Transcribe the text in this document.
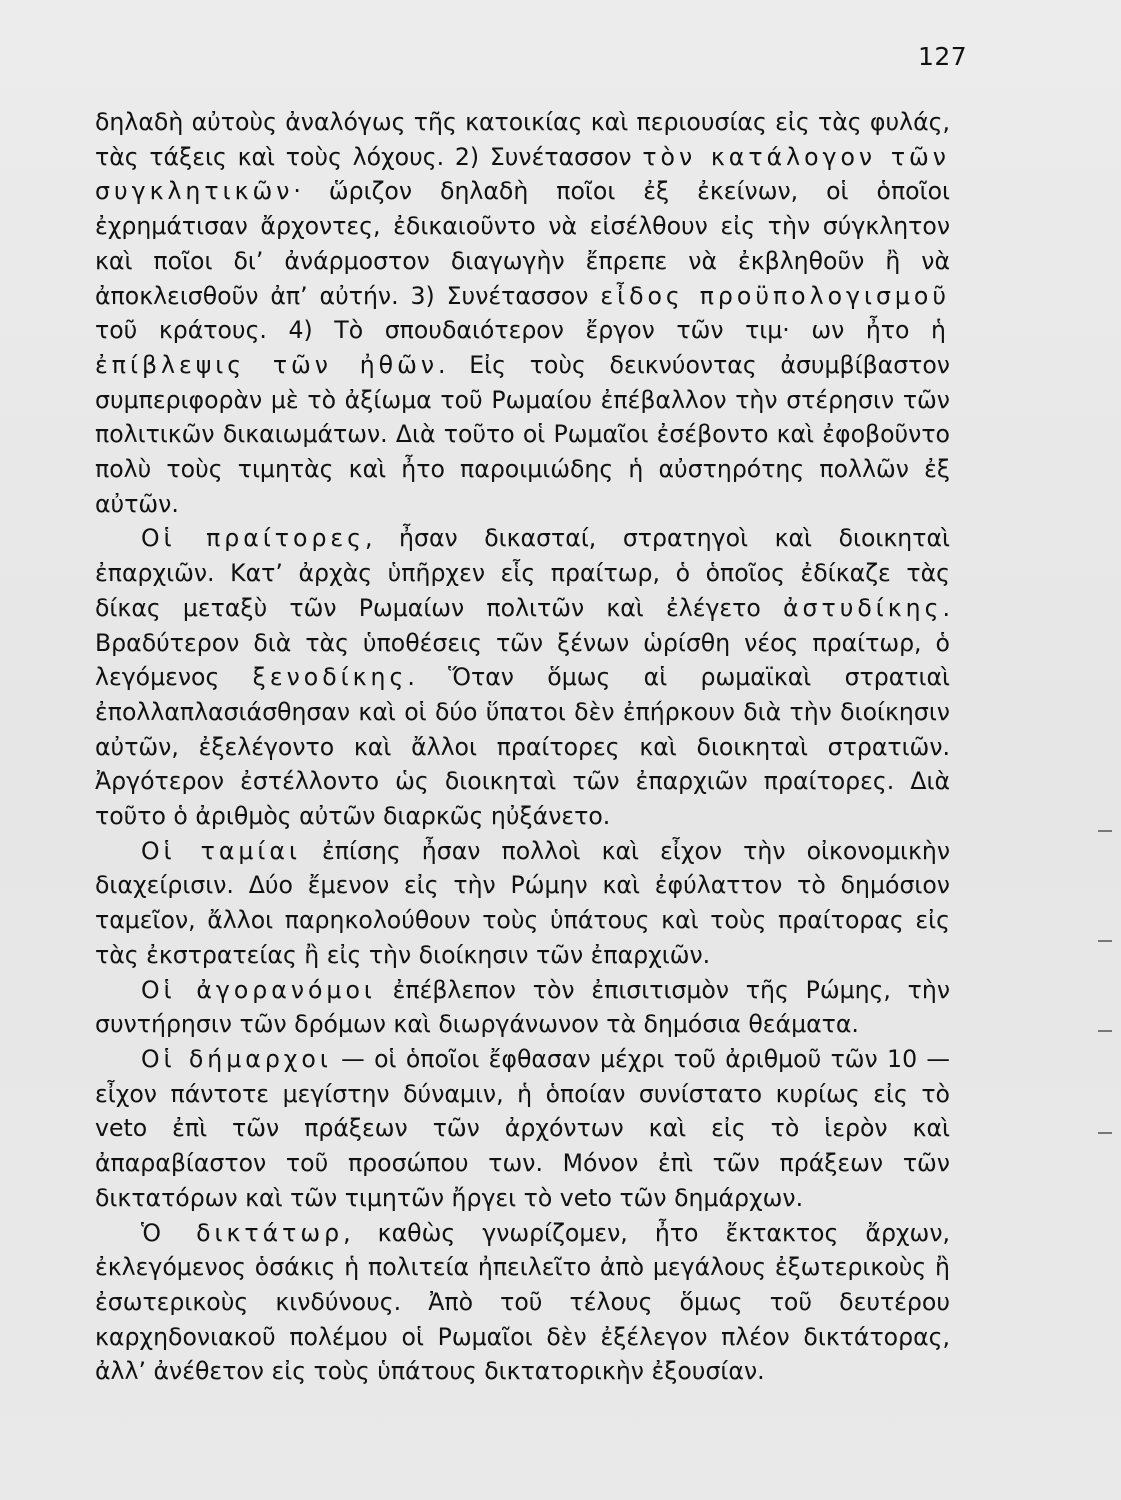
127

δηλαδὴ αὐτοὺς ἀναλόγως τῆς κατοικίας καὶ περιουσίας εἰς τὰς φυλάς, τὰς τάξεις καὶ τοὺς λόχους. 2) Συνέτασσον τὸν κατάλογον τῶν συγκλητικῶν· ὥριζον δηλαδὴ ποῖοι ἐξ ἐκείνων, οἱ ὁποῖοι ἐχρημάτισαν ἄρχοντες, ἐδικαιοῦντο νὰ εἰσέλθουν εἰς τὴν σύγκλητον καὶ ποῖοι δι’ ἀνάρμοστον διαγωγὴν ἔπρεπε νὰ ἐκβληθοῦν ἢ νὰ ἀποκλεισθοῦν ἀπ’ αὐτήν. 3) Συνέτασσον εἶδος προϋπολογισμοῦ τοῦ κράτους. 4) Τὸ σπουδαιότερον ἔργον τῶν τιμ· ων ἦτο ἡ ἐπίβλεψις τῶν ἠθῶν. Εἰς τοὺς δεικνύοντας ἀσυμβίβαστον συμπεριφορὰν μὲ τὸ ἀξίωμα τοῦ Ρωμαίου ἐπέβαλλον τὴν στέρησιν τῶν πολιτικῶν δικαιωμάτων. Διὰ τοῦτο οἱ Ρωμαῖοι ἐσέβοντο καὶ ἐφοβοῦντο πολὺ τοὺς τιμητὰς καὶ ἦτο παροιμιώδης ἡ αὐστηρότης πολλῶν ἐξ αὐτῶν.

Οἱ πραίτορες, ἦσαν δικασταί, στρατηγοὶ καὶ διοικηταὶ ἐπαρχιῶν. Κατ’ ἀρχὰς ὑπῆρχεν εἷς πραίτωρ, ὁ ὁποῖος ἐδίκαζε τὰς δίκας μεταξὺ τῶν Ρωμαίων πολιτῶν καὶ ἐλέγετο ἀστυδίκης. Βραδύτερον διὰ τὰς ὑποθέσεις τῶν ξένων ὡρίσθη νέος πραίτωρ, ὁ λεγόμενος ξενοδίκης. Ὅταν ὅμως αἱ ρωμαϊκαὶ στρατιαὶ ἐπολλαπλασιάσθησαν καὶ οἱ δύο ὕπατοι δὲν ἐπήρκουν διὰ τὴν διοίκησιν αὐτῶν, ἐξελέγοντο καὶ ἄλλοι πραίτορες καὶ διοικηταὶ στρατιῶν. Ἀργότερον ἐστέλλοντο ὡς διοικηταὶ τῶν ἐπαρχιῶν πραίτορες. Διὰ τοῦτο ὁ ἀριθμὸς αὐτῶν διαρκῶς ηὐξάνετο.

Οἱ ταμίαι ἐπίσης ἦσαν πολλοὶ καὶ εἶχον τὴν οἰκονομικὴν διαχείρισιν. Δύο ἔμενον εἰς τὴν Ρώμην καὶ ἐφύλαττον τὸ δημόσιον ταμεῖον, ἄλλοι παρηκολούθουν τοὺς ὑπάτους καὶ τοὺς πραίτορας εἰς τὰς ἐκστρατείας ἢ εἰς τὴν διοίκησιν τῶν ἐπαρχιῶν.

Οἱ ἀγορανόμοι ἐπέβλεπον τὸν ἐπισιτισμὸν τῆς Ρώμης, τὴν συντήρησιν τῶν δρόμων καὶ διωργάνωνον τὰ δημόσια θεάματα.

Οἱ δήμαρχοι — οἱ ὁποῖοι ἔφθασαν μέχρι τοῦ ἀριθμοῦ τῶν 10 — εἶχον πάντοτε μεγίστην δύναμιν, ἡ ὁποίαν συνίστατο κυρίως εἰς τὸ veto ἐπὶ τῶν πράξεων τῶν ἀρχόντων καὶ εἰς τὸ ἱερὸν καὶ ἀπαραβίαστον τοῦ προσώπου των. Μόνον ἐπὶ τῶν πράξεων τῶν δικτατόρων καὶ τῶν τιμητῶν ἤργει τὸ veto τῶν δημάρχων.

Ὁ δικτάτωρ, καθὼς γνωρίζομεν, ἦτο ἔκτακτος ἄρχων, ἐκλεγόμενος ὁσάκις ἡ πολιτεία ἠπειλεῖτο ἀπὸ μεγάλους ἐξωτερικοὺς ἢ ἐσωτερικοὺς κινδύνους. Ἀπὸ τοῦ τέλους ὅμως τοῦ δευτέρου καρχηδονιακοῦ πολέμου οἱ Ρωμαῖοι δὲν ἐξέλεγον πλέον δικτάτορας, ἀλλ’ ἀνέθετον εἰς τοὺς ὑπάτους δικτατορικὴν ἐξουσίαν.
